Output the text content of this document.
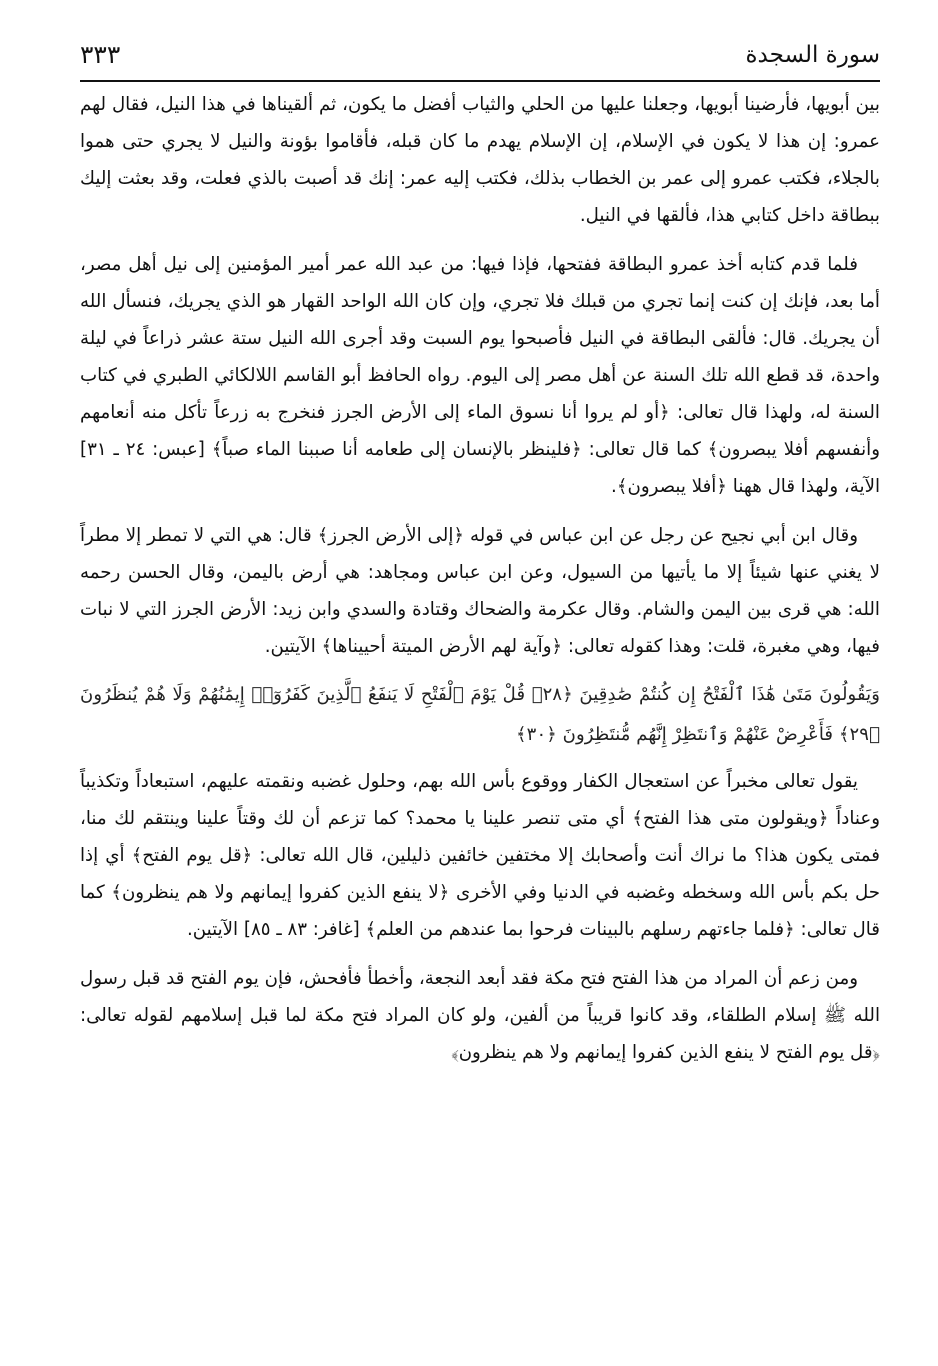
سورة السجدة
٣٣٣

بين أبويها، فأرضينا أبويها، وجعلنا عليها من الحلي والثياب أفضل ما يكون، ثم ألقيناها في هذا النيل، فقال لهم عمرو: إن هذا لا يكون في الإسلام، إن الإسلام يهدم ما كان قبله، فأقاموا بؤونة والنيل لا يجري حتى هموا بالجلاء، فكتب عمرو إلى عمر بن الخطاب بذلك، فكتب إليه عمر: إنك قد أصبت بالذي فعلت، وقد بعثت إليك ببطاقة داخل كتابي هذا، فألقها في النيل.

فلما قدم كتابه أخذ عمرو البطاقة ففتحها، فإذا فيها: من عبد الله عمر أمير المؤمنين إلى نيل أهل مصر، أما بعد، فإنك إن كنت إنما تجري من قبلك فلا تجري، وإن كان الله الواحد القهار هو الذي يجريك، فنسأل الله أن يجريك. قال: فألقى البطاقة في النيل فأصبحوا يوم السبت وقد أجرى الله النيل ستة عشر ذراعاً في ليلة واحدة، قد قطع الله تلك السنة عن أهل مصر إلى اليوم. رواه الحافظ أبو القاسم اللالكائي الطبري في كتاب السنة له، ولهذا قال تعالى: ﴿أو لم يروا أنا نسوق الماء إلى الأرض الجرز فنخرج به زرعاً تأكل منه أنعامهم وأنفسهم أفلا يبصرون﴾ كما قال تعالى: ﴿فلينظر بالإنسان إلى طعامه أنا صببنا الماء صباً﴾ [عبس: ٢٤ ـ ٣١] الآية، ولهذا قال ههنا ﴿أفلا يبصرون﴾.

وقال ابن أبي نجيح عن رجل عن ابن عباس في قوله ﴿إلى الأرض الجرز﴾ قال: هي التي لا تمطر إلا مطراً لا يغني عنها شيئاً إلا ما يأتيها من السيول، وعن ابن عباس ومجاهد: هي أرض باليمن، وقال الحسن رحمه الله: هي قرى بين اليمن والشام. وقال عكرمة والضحاك وقتادة والسدي وابن زيد: الأرض الجرز التي لا نبات فيها، وهي مغبرة، قلت: وهذا كقوله تعالى: ﴿وآية لهم الأرض الميتة أحييناها﴾ الآيتين.

وَيَقُولُونَ مَتَىٰ هَٰذَا ٱلْفَتْحُ إِن كُنتُمْ صَٰدِقِينَ ﴿٢٨﴾ قُلْ يَوْمَ ٱلْفَتْحِ لَا يَنفَعُ ٱلَّذِينَ كَفَرُوٓا۟ إِيمَٰنُهُمْ وَلَا هُمْ يُنظَرُونَ ﴿٢٩﴾ فَأَعْرِضْ عَنْهُمْ وَٱنتَظِرْ إِنَّهُم مُّنتَظِرُونَ ﴿٣٠﴾

يقول تعالى مخبراً عن استعجال الكفار ووقوع بأس الله بهم، وحلول غضبه ونقمته عليهم، استبعاداً وتكذيباً وعناداً ﴿ويقولون متى هذا الفتح﴾ أي متى تنصر علينا يا محمد؟ كما تزعم أن لك وقتاً علينا وينتقم لك منا، فمتى يكون هذا؟ ما نراك أنت وأصحابك إلا مختفين خائفين ذليلين، قال الله تعالى: ﴿قل يوم الفتح﴾ أي إذا حل بكم بأس الله وسخطه وغضبه في الدنيا وفي الأخرى ﴿لا ينفع الذين كفروا إيمانهم ولا هم ينظرون﴾ كما قال تعالى: ﴿فلما جاءتهم رسلهم بالبينات فرحوا بما عندهم من العلم﴾ [غافر: ٨٣ ـ ٨٥] الآيتين.

ومن زعم أن المراد من هذا الفتح فتح مكة فقد أبعد النجعة، وأخطأ فأفحش، فإن يوم الفتح قد قبل رسول الله ﷺ إسلام الطلقاء، وقد كانوا قريباً من ألفين، ولو كان المراد فتح مكة لما قبل إسلامهم لقوله تعالى: ﴿قل يوم الفتح لا ينفع الذين كفروا إيمانهم ولا هم ينظرون﴾
